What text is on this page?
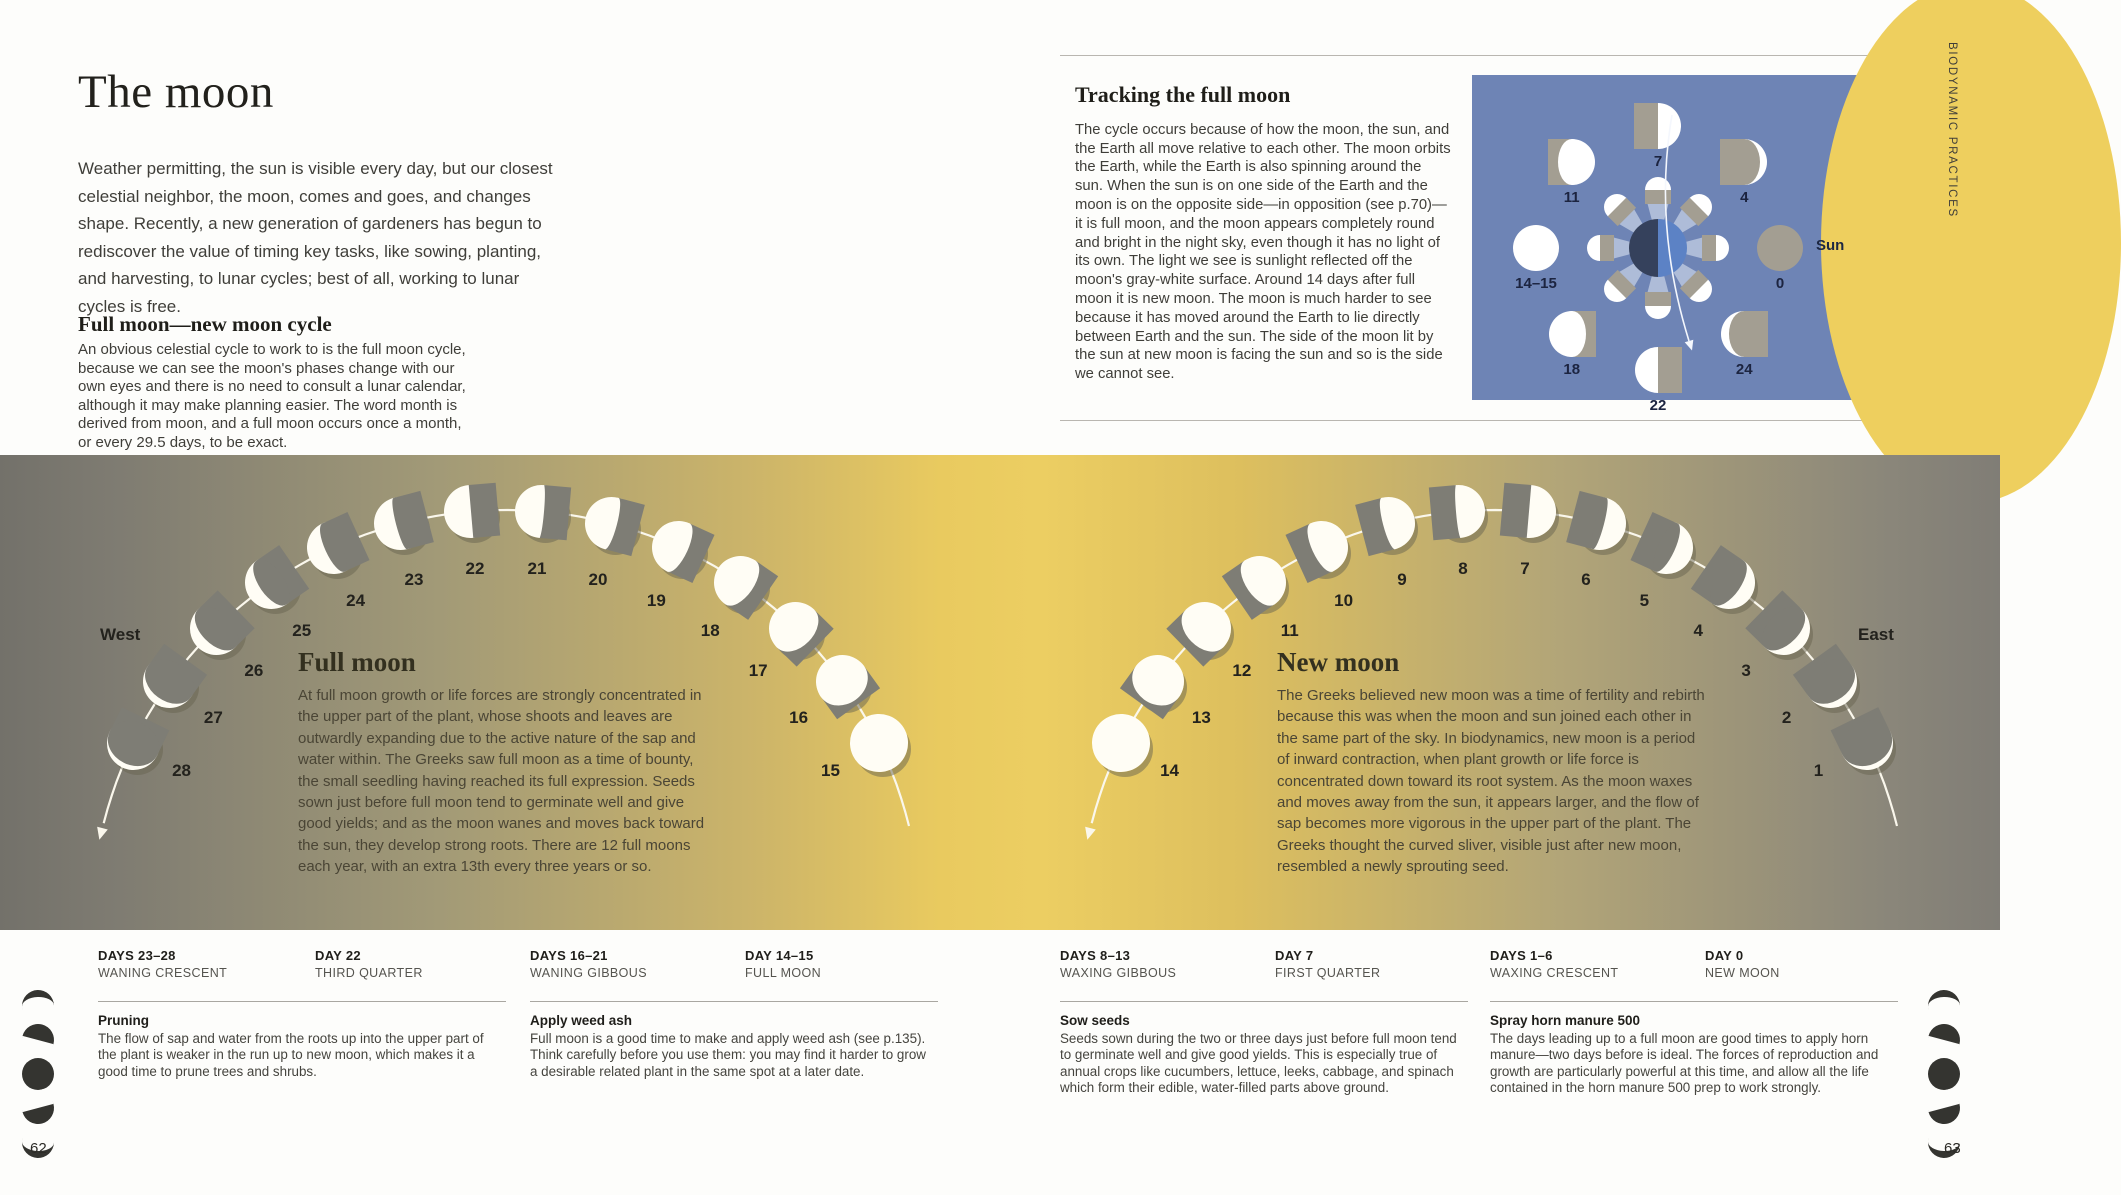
The moon

Weather permitting, the sun is visible every day, but our closest celestial neighbor, the moon, comes and goes, and changes shape. Recently, a new generation of gardeners has begun to rediscover the value of timing key tasks, like sowing, planting, and harvesting, to lunar cycles; best of all, working to lunar cycles is free.

Full moon—new moon cycle

An obvious celestial cycle to work to is the full moon cycle, because we can see the moon's phases change with our own eyes and there is no need to consult a lunar calendar, although it may make planning easier. The word month is derived from moon, and a full moon occurs once a month, or every 29.5 days, to be exact.

Tracking the full moon

The cycle occurs because of how the moon, the sun, and the Earth all move relative to each other. The moon orbits the Earth, while the Earth is also spinning around the sun. When the sun is on one side of the Earth and the moon is on the opposite side—in opposition (see p.70)—it is full moon, and the moon appears completely round and bright in the night sky, even though it has no light of its own. The light we see is sunlight reflected off the moon's gray-white surface. Around 14 days after full moon it is new moon. The moon is much harder to see because it has moved around the Earth to lie directly between Earth and the sun. The side of the moon lit by the sun at new moon is facing the sun and so is the side we cannot see.

Sun
0
4
7
11
14–15
18
22
24
BIODYNAMIC PRACTICES
West	East
Full moon
At full moon growth or life forces are strongly concentrated in the upper part of the plant, whose shoots and leaves are outwardly expanding due to the active nature of the sap and water within. The Greeks saw full moon as a time of bounty, the small seedling having reached its full expression. Seeds sown just before full moon tend to germinate well and give good yields; and as the moon wanes and moves back toward the sun, they develop strong roots. There are 12 full moons each year, with an extra 13th every three years or so.
New moon
The Greeks believed new moon was a time of fertility and rebirth because this was when the moon and sun joined each other in the same part of the sky. In biodynamics, new moon is a period of inward contraction, when plant growth or life force is concentrated down toward its root system. As the moon waxes and moves away from the sun, it appears larger, and the flow of sap becomes more vigorous in the upper part of the plant. The Greeks thought the curved sliver, visible just after new moon, resembled a newly sprouting seed.
15
16
17
18
19
20
21
22
23
24
25
26
27
28	1
2
3
4
5
6
7
8
9
10
11
12
13
14
DAYS 23–28
WANING CRESCENT
DAY 22
THIRD QUARTER
DAYS 16–21
WANING GIBBOUS
DAY 14–15
FULL MOON
DAYS 8–13
WAXING GIBBOUS
DAY 7
FIRST QUARTER
DAYS 1–6
WAXING CRESCENT
DAY 0
NEW MOON
Pruning
The flow of sap and water from the roots up into the upper part of the plant is weaker in the run up to new moon, which makes it a good time to prune trees and shrubs.
Apply weed ash
Full moon is a good time to make and apply weed ash (see p.135). Think carefully before you use them: you may find it harder to grow a desirable related plant in the same spot at a later date.
Sow seeds
Seeds sown during the two or three days just before full moon tend to germinate well and give good yields. This is especially true of annual crops like cucumbers, lettuce, leeks, cabbage, and spinach which form their edible, water-filled parts above ground.
Spray horn manure 500
The days leading up to a full moon are good times to apply horn manure—two days before is ideal. The forces of reproduction and growth are particularly powerful at this time, and allow all the life contained in the horn manure 500 prep to work strongly.
62	63
